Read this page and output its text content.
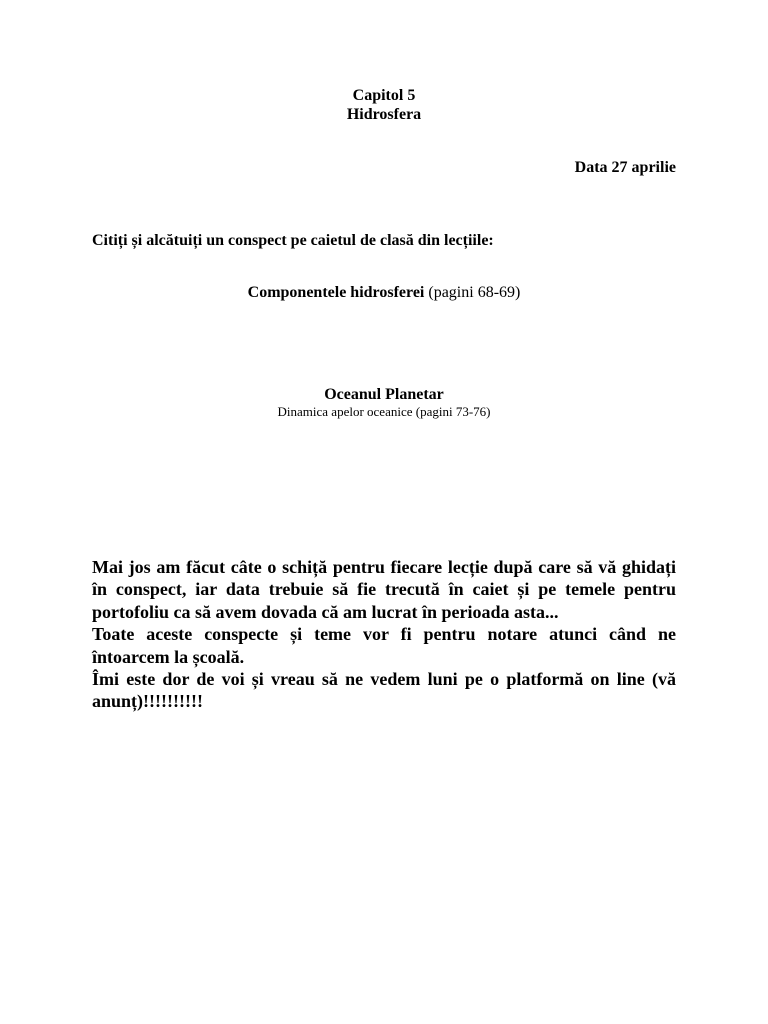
Capitol 5
Hidrosfera
Data 27 aprilie
Citiți și alcătuiți un conspect pe caietul de clasă din lecțiile:
Componentele hidrosferei (pagini 68-69)
Oceanul Planetar
Dinamica apelor oceanice (pagini 73-76)

Mai jos am făcut câte o schiță pentru fiecare lecție după care să vă ghidați în conspect, iar data trebuie să fie trecută în caiet și pe temele pentru portofoliu ca să avem dovada că am lucrat în perioada asta...

Toate aceste conspecte și teme vor fi pentru notare atunci când ne întoarcem la școală.

Îmi este dor de voi și vreau să ne vedem luni pe o platformă on line (vă anunț)!!!!!!!!!!
